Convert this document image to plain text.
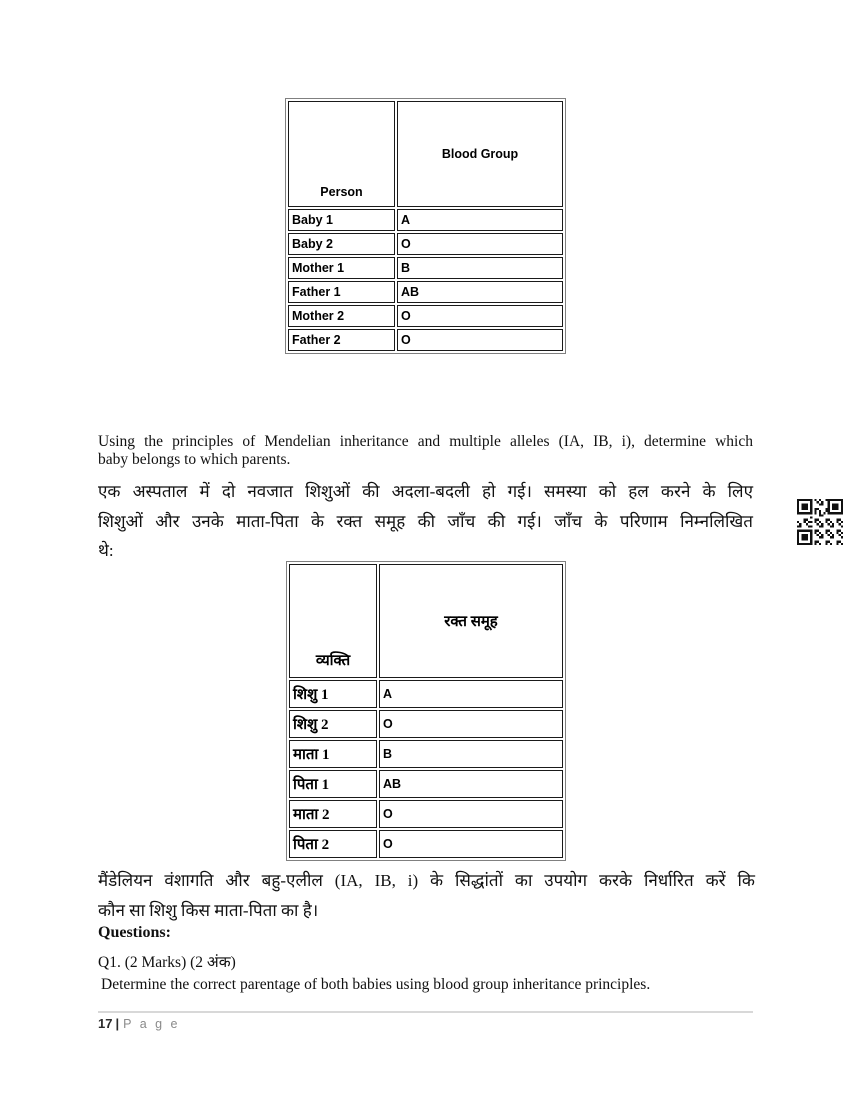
Person	Blood Group
Baby 1	A
Baby 2	O
Mother 1	B
Father 1	AB
Mother 2	O
Father 2	O
Using the principles of Mendelian inheritance and multiple alleles (IA, IB, i), determine which
baby belongs to which parents.
एक अस्पताल में दो नवजात शिशुओं की अदला-बदली हो गई। समस्या को हल करने के लिए
शिशुओं और उनके माता-पिता के रक्त समूह की जाँच की गई। जाँच के परिणाम निम्नलिखित
थे:
व्यक्ति	रक्त समूह
शिशु 1	A
शिशु 2	O
माता 1	B
पिता 1	AB
माता 2	O
पिता 2	O
मैंडेलियन वंशागति और बहु-एलील (IA, IB, i) के सिद्धांतों का उपयोग करके निर्धारित करें कि
कौन सा शिशु किस माता-पिता का है।
Questions:
Q1. (2 Marks) (2 अंक)
Determine the correct parentage of both babies using blood group inheritance principles.
17 | P a g e
